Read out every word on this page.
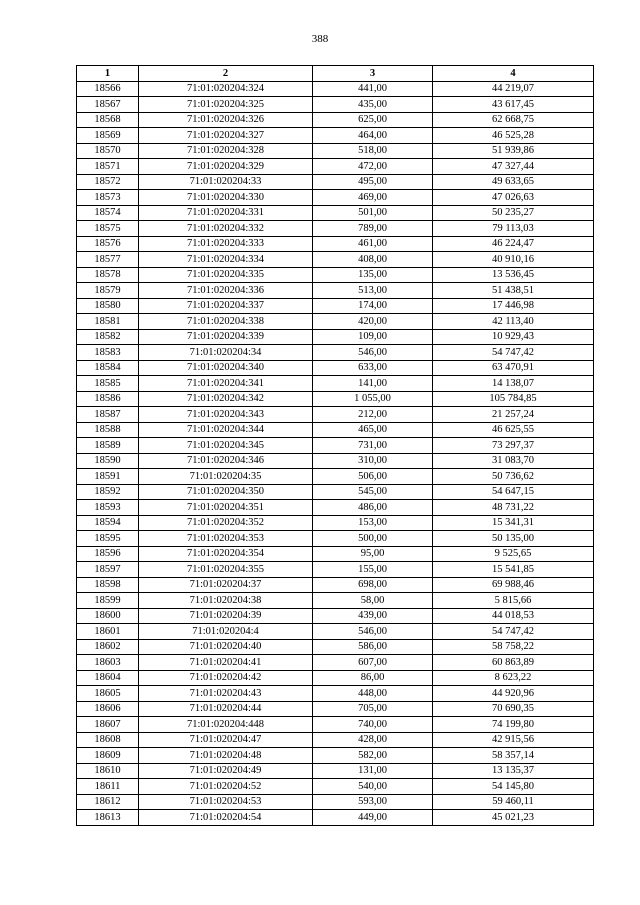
388
1	2	3	4
18566	71:01:020204:324	441,00	44 219,07
18567	71:01:020204:325	435,00	43 617,45
18568	71:01:020204:326	625,00	62 668,75
18569	71:01:020204:327	464,00	46 525,28
18570	71:01:020204:328	518,00	51 939,86
18571	71:01:020204:329	472,00	47 327,44
18572	71:01:020204:33	495,00	49 633,65
18573	71:01:020204:330	469,00	47 026,63
18574	71:01:020204:331	501,00	50 235,27
18575	71:01:020204:332	789,00	79 113,03
18576	71:01:020204:333	461,00	46 224,47
18577	71:01:020204:334	408,00	40 910,16
18578	71:01:020204:335	135,00	13 536,45
18579	71:01:020204:336	513,00	51 438,51
18580	71:01:020204:337	174,00	17 446,98
18581	71:01:020204:338	420,00	42 113,40
18582	71:01:020204:339	109,00	10 929,43
18583	71:01:020204:34	546,00	54 747,42
18584	71:01:020204:340	633,00	63 470,91
18585	71:01:020204:341	141,00	14 138,07
18586	71:01:020204:342	1 055,00	105 784,85
18587	71:01:020204:343	212,00	21 257,24
18588	71:01:020204:344	465,00	46 625,55
18589	71:01:020204:345	731,00	73 297,37
18590	71:01:020204:346	310,00	31 083,70
18591	71:01:020204:35	506,00	50 736,62
18592	71:01:020204:350	545,00	54 647,15
18593	71:01:020204:351	486,00	48 731,22
18594	71:01:020204:352	153,00	15 341,31
18595	71:01:020204:353	500,00	50 135,00
18596	71:01:020204:354	95,00	9 525,65
18597	71:01:020204:355	155,00	15 541,85
18598	71:01:020204:37	698,00	69 988,46
18599	71:01:020204:38	58,00	5 815,66
18600	71:01:020204:39	439,00	44 018,53
18601	71:01:020204:4	546,00	54 747,42
18602	71:01:020204:40	586,00	58 758,22
18603	71:01:020204:41	607,00	60 863,89
18604	71:01:020204:42	86,00	8 623,22
18605	71:01:020204:43	448,00	44 920,96
18606	71:01:020204:44	705,00	70 690,35
18607	71:01:020204:448	740,00	74 199,80
18608	71:01:020204:47	428,00	42 915,56
18609	71:01:020204:48	582,00	58 357,14
18610	71:01:020204:49	131,00	13 135,37
18611	71:01:020204:52	540,00	54 145,80
18612	71:01:020204:53	593,00	59 460,11
18613	71:01:020204:54	449,00	45 021,23
